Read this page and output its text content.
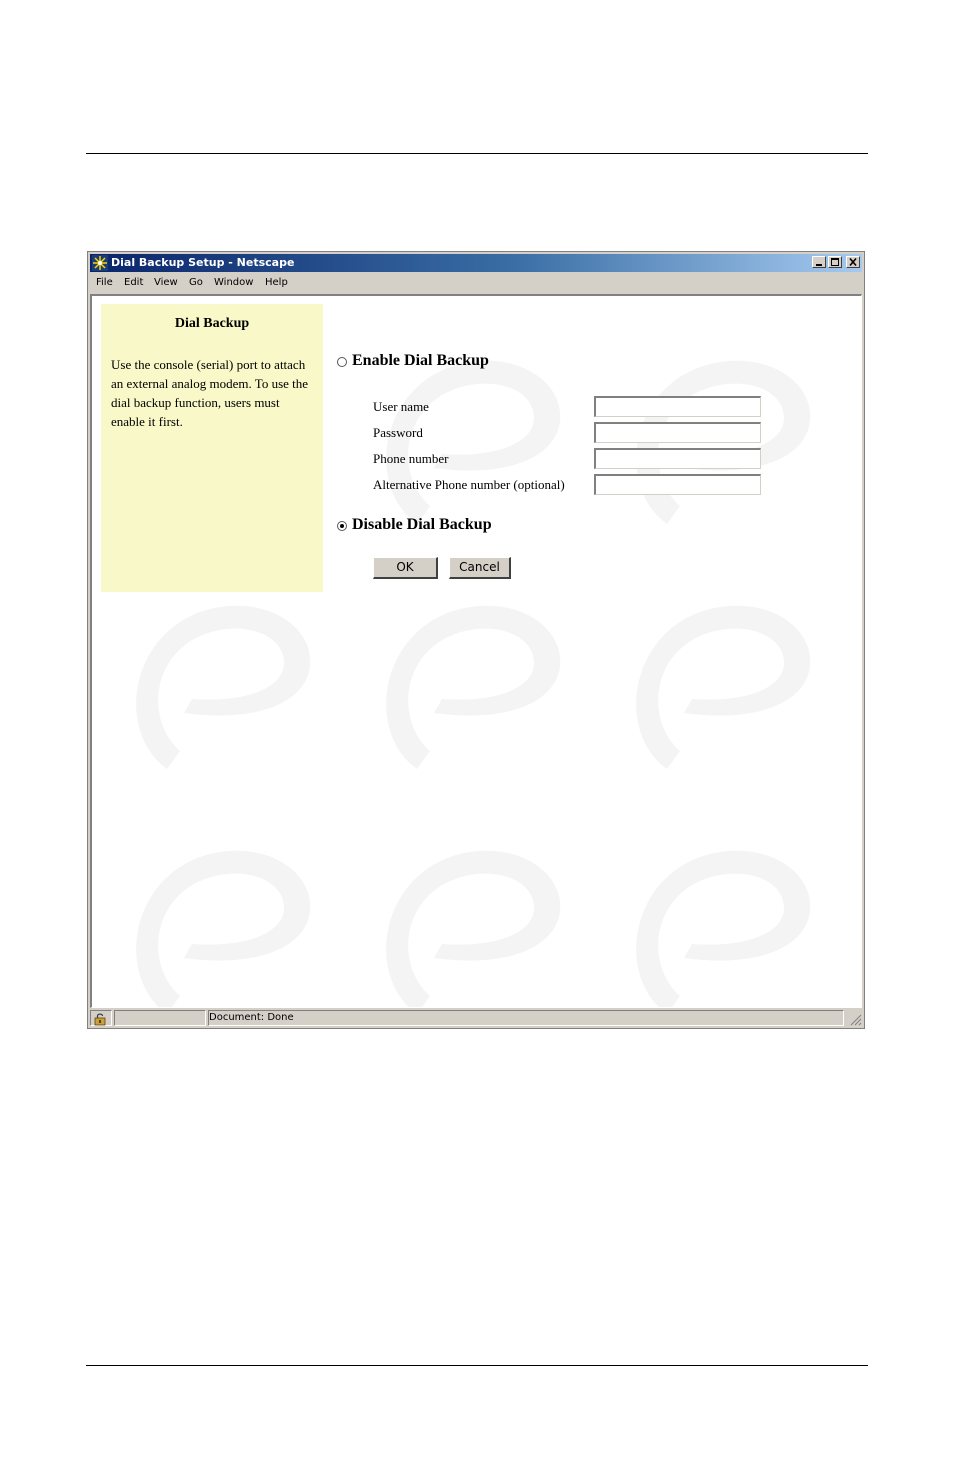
Dial Backup Setup - Netscape
File Edit View Go Window Help
Dial Backup
Use the console (serial) port to attach an external analog modem. To use the dial backup function, users must enable it first.
Enable Dial Backup
User name
Password
Phone number
Alternative Phone number (optional)
Disable Dial Backup
OK	Cancel
Document: Done
